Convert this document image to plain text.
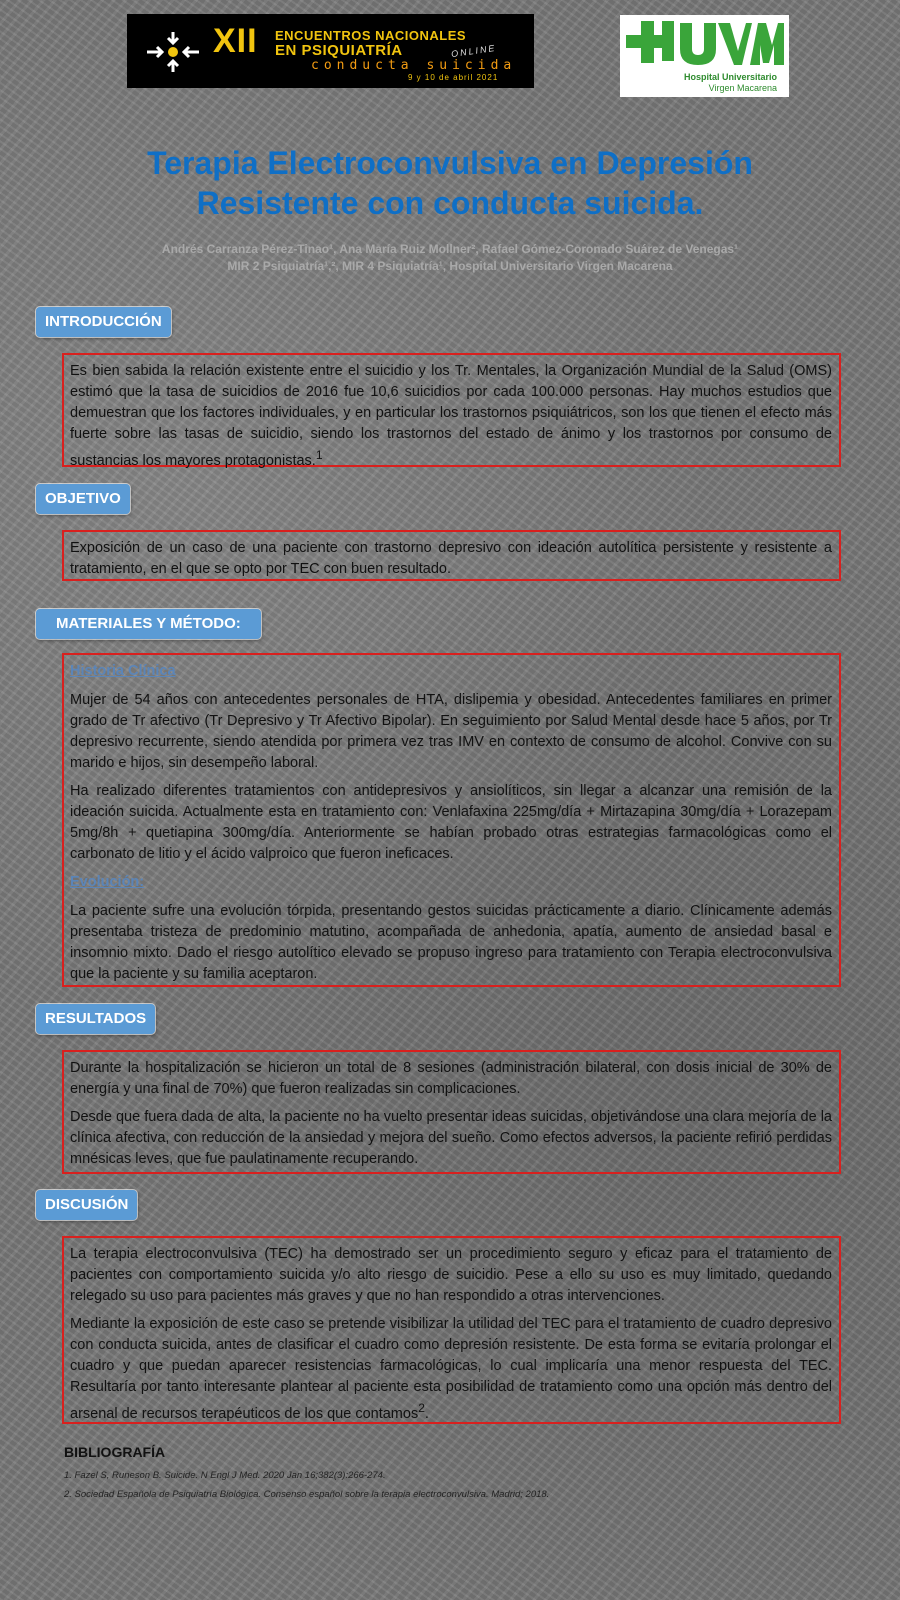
XII ENCUENTROS NACIONALES
EN PSIQUIATRÍA	ONLINE
conducta suicida
9 y 10 de abril 2021	Hospital Universitario
Virgen Macarena
Terapia Electroconvulsiva en Depresión
Resistente con conducta suicida.
Andrés Carranza Pérez-Tinao¹, Ana María Ruiz Mollner², Rafael Gómez-Coronado Suárez de Venegas¹
MIR 2 Psiquiatría¹,², MIR 4 Psiquiatría¹, Hospital Universitario Virgen Macarena
INTRODUCCIÓN

Es bien sabida la relación existente entre el suicidio y los Tr. Mentales, la Organización Mundial de la Salud (OMS) estimó que la tasa de suicidios de 2016 fue 10,6 suicidios por cada 100.000 personas. Hay muchos estudios que demuestran que los factores individuales, y en particular los trastornos psiquiátricos, son los que tienen el efecto más fuerte sobre las tasas de suicidio, siendo los trastornos del estado de ánimo y los trastornos por consumo de sustancias los mayores protagonistas.$^1$

OBJETIVO

Exposición de un caso de una paciente con trastorno depresivo con ideación autolítica persistente y resistente a tratamiento, en el que se opto por TEC con buen resultado.

MATERIALES Y MÉTODO:
Historia Clínica

Mujer de 54 años con antecedentes personales de HTA, dislipemia y obesidad. Antecedentes familiares en primer grado de Tr afectivo (Tr Depresivo y Tr Afectivo Bipolar). En seguimiento por Salud Mental desde hace 5 años, por Tr depresivo recurrente, siendo atendida por primera vez tras IMV en contexto de consumo de alcohol. Convive con su marido e hijos, sin desempeño laboral.

Ha realizado diferentes tratamientos con antidepresivos y ansiolíticos, sin llegar a alcanzar una remisión de la ideación suicida. Actualmente esta en tratamiento con: Venlafaxina 225mg/día + Mirtazapina 30mg/día + Lorazepam 5mg/8h + quetiapina 300mg/día. Anteriormente se habían probado otras estrategias farmacológicas como el carbonato de litio y el ácido valproico que fueron ineficaces.

Evolución:

La paciente sufre una evolución tórpida, presentando gestos suicidas prácticamente a diario. Clínicamente además presentaba tristeza de predominio matutino, acompañada de anhedonia, apatía, aumento de ansiedad basal e insomnio mixto. Dado el riesgo autolítico elevado se propuso ingreso para tratamiento con Terapia electroconvulsiva que la paciente y su familia aceptaron.

RESULTADOS

Durante la hospitalización se hicieron un total de 8 sesiones (administración bilateral, con dosis inicial de 30% de energía y una final de 70%) que fueron realizadas sin complicaciones.

Desde que fuera dada de alta, la paciente no ha vuelto presentar ideas suicidas, objetivándose una clara mejoría de la clínica afectiva, con reducción de la ansiedad y mejora del sueño. Como efectos adversos, la paciente refirió perdidas mnésicas leves, que fue paulatinamente recuperando.

DISCUSIÓN

La terapia electroconvulsiva (TEC) ha demostrado ser un procedimiento seguro y eficaz para el tratamiento de pacientes con comportamiento suicida y/o alto riesgo de suicidio. Pese a ello su uso es muy limitado, quedando relegado su uso para pacientes más graves y que no han respondido a otras intervenciones.

Mediante la exposición de este caso se pretende visibilizar la utilidad del TEC para el tratamiento de cuadro depresivo con conducta suicida, antes de clasificar el cuadro como depresión resistente. De esta forma se evitaría prolongar el cuadro y que puedan aparecer resistencias farmacológicas, lo cual implicaría una menor respuesta del TEC. Resultaría por tanto interesante plantear al paciente esta posibilidad de tratamiento como una opción más dentro del arsenal de recursos terapéuticos de los que contamos$^2$.

BIBLIOGRAFÍA
1. Fazel S, Runeson B. Suicide. N Engl J Med. 2020 Jan 16;382(3):266-274.
2. Sociedad Española de Psiquiatría Biológica. Consenso español sobre la terapia electroconvulsiva. Madrid; 2018.
